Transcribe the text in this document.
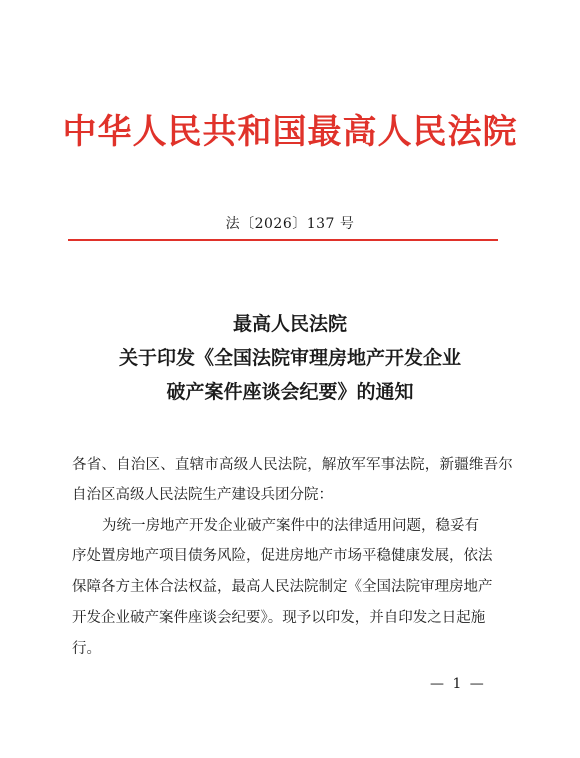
中华人民共和国最高人民法院
法〔2026〕137 号
最高人民法院
关于印发《全国法院审理房地产开发企业
破产案件座谈会纪要》的通知
各省、自治区、直辖市高级人民法院，解放军军事法院，新疆维吾尔
自治区高级人民法院生产建设兵团分院：
为统一房地产开发企业破产案件中的法律适用问题，稳妥有
序处置房地产项目债务风险，促进房地产市场平稳健康发展，依法
保障各方主体合法权益，最高人民法院制定《全国法院审理房地产
开发企业破产案件座谈会纪要》。现予以印发，并自印发之日起施
行。
— 1 —
